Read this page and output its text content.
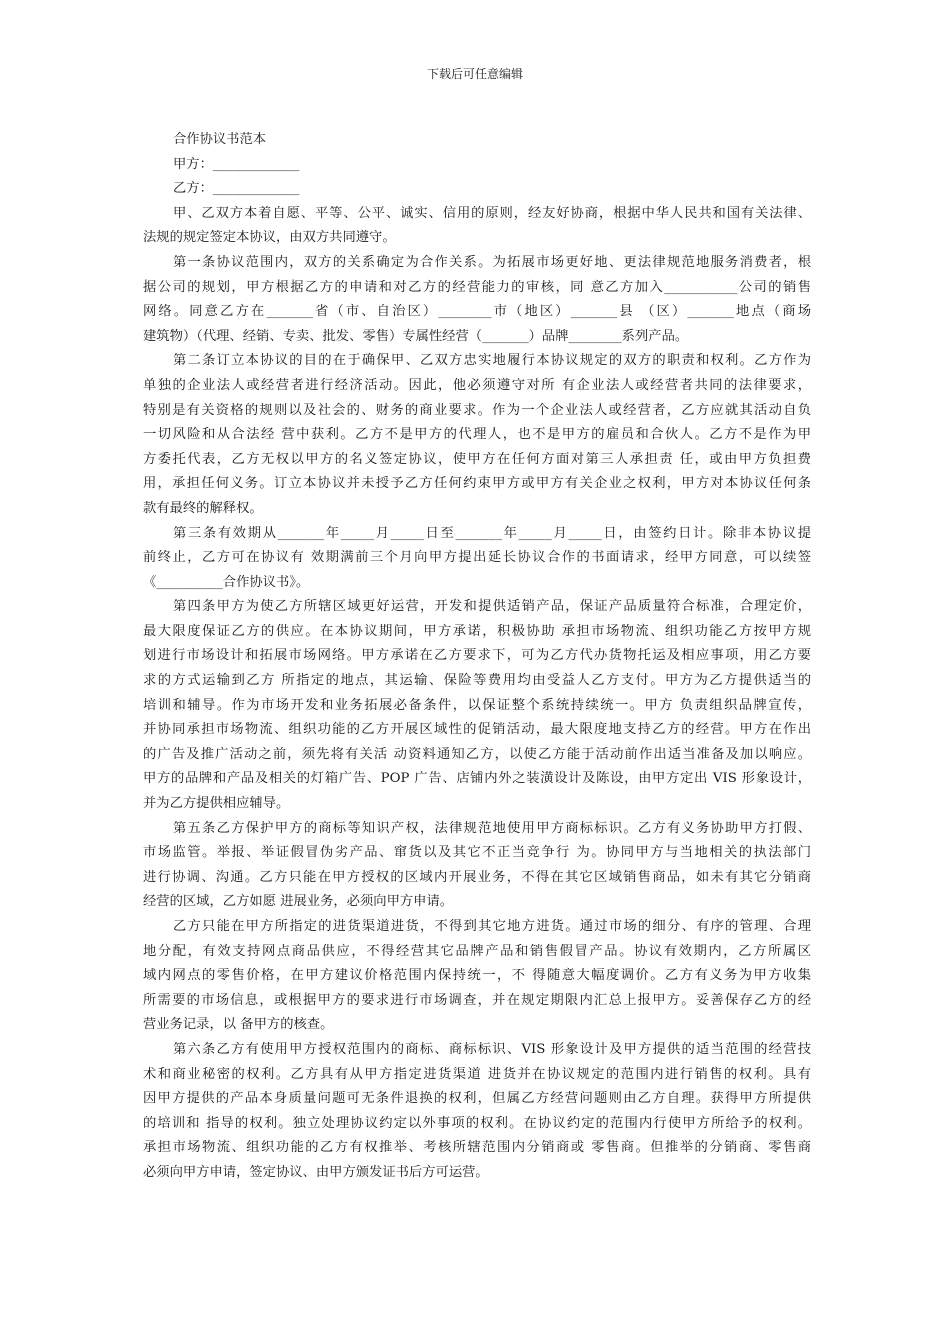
下载后可任意编辑
合作协议书范本
甲方：_____________
乙方：_____________
甲、乙双方本着自愿、平等、公平、诚实、信用的原则，经友好协商，根据中华人民共和国有关法律、
法规的规定签定本协议，由双方共同遵守。
第一条协议范围内，双方的关系确定为合作关系。为拓展市场更好地、更法律规范地服务消费者，根
据公司的规划，甲方根据乙方的申请和对乙方的经营能力的审核，同 意乙方加入___________公司的销售
网络。同意乙方在_______省（市、自治区）________市（地区）_______县 （区）_______地点（商场
建筑物）（代理、经销、专卖、批发、零售）专属性经营（_______）品牌________系列产品。
第二条订立本协议的目的在于确保甲、乙双方忠实地履行本协议规定的双方的职责和权利。乙方作为
单独的企业法人或经营者进行经济活动。因此，他必须遵守对所 有企业法人或经营者共同的法律要求，
特别是有关资格的规则以及社会的、财务的商业要求。作为一个企业法人或经营者，乙方应就其活动自负
一切风险和从合法经 营中获利。乙方不是甲方的代理人，也不是甲方的雇员和合伙人。乙方不是作为甲
方委托代表，乙方无权以甲方的名义签定协议，使甲方在任何方面对第三人承担责 任，或由甲方负担费
用，承担任何义务。订立本协议并未授予乙方任何约束甲方或甲方有关企业之权利，甲方对本协议任何条
款有最终的解释权。
第三条有效期从_______年_____月_____日至_______年_____月_____日，由签约日计。除非本协议提
前终止，乙方可在协议有 效期满前三个月向甲方提出延长协议合作的书面请求，经甲方同意，可以续签
《__________合作协议书》。
第四条甲方为使乙方所辖区域更好运营，开发和提供适销产品，保证产品质量符合标准，合理定价，
最大限度保证乙方的供应。在本协议期间，甲方承诺，积极协助 承担市场物流、组织功能乙方按甲方规
划进行市场设计和拓展市场网络。甲方承诺在乙方要求下，可为乙方代办货物托运及相应事项，用乙方要
求的方式运输到乙方 所指定的地点，其运输、保险等费用均由受益人乙方支付。甲方为乙方提供适当的
培训和辅导。作为市场开发和业务拓展必备条件，以保证整个系统持续统一。甲方 负责组织品牌宣传，
并协同承担市场物流、组织功能的乙方开展区域性的促销活动，最大限度地支持乙方的经营。甲方在作出
的广告及推广活动之前，须先将有关活 动资料通知乙方，以使乙方能于活动前作出适当准备及加以响应。
甲方的品牌和产品及相关的灯箱广告、POP 广告、店铺内外之装潢设计及陈设，由甲方定出 VIS 形象设计，
并为乙方提供相应辅导。
第五条乙方保护甲方的商标等知识产权，法律规范地使用甲方商标标识。乙方有义务协助甲方打假、
市场监管。举报、举证假冒伪劣产品、窜货以及其它不正当竞争行 为。协同甲方与当地相关的执法部门
进行协调、沟通。乙方只能在甲方授权的区域内开展业务，不得在其它区域销售商品，如未有其它分销商
经营的区域，乙方如愿 进展业务，必须向甲方申请。
乙方只能在甲方所指定的进货渠道进货，不得到其它地方进货。通过市场的细分、有序的管理、合理
地分配，有效支持网点商品供应，不得经营其它品牌产品和销售假冒产品。协议有效期内，乙方所属区
域内网点的零售价格，在甲方建议价格范围内保持统一，不 得随意大幅度调价。乙方有义务为甲方收集
所需要的市场信息，或根据甲方的要求进行市场调查，并在规定期限内汇总上报甲方。妥善保存乙方的经
营业务记录，以 备甲方的核查。
第六条乙方有使用甲方授权范围内的商标、商标标识、VIS 形象设计及甲方提供的适当范围的经营技
术和商业秘密的权利。乙方具有从甲方指定进货渠道 进货并在协议规定的范围内进行销售的权利。具有
因甲方提供的产品本身质量问题可无条件退换的权利，但属乙方经营问题则由乙方自理。获得甲方所提供
的培训和 指导的权利。独立处理协议约定以外事项的权利。在协议约定的范围内行使甲方所给予的权利。
承担市场物流、组织功能的乙方有权推举、考核所辖范围内分销商或 零售商。但推举的分销商、零售商
必须向甲方申请，签定协议、由甲方颁发证书后方可运营。
